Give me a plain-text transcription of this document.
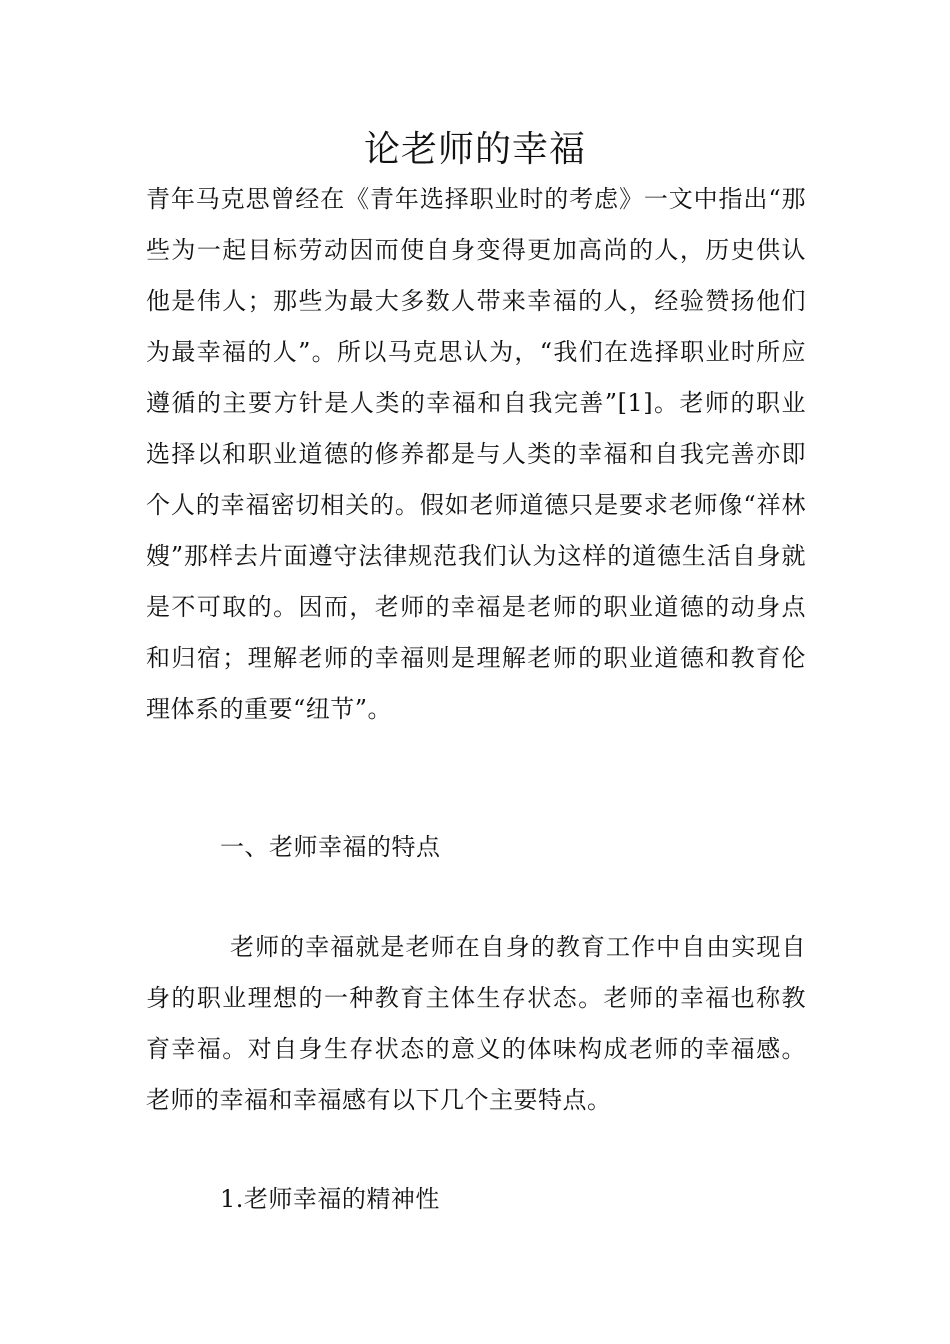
论老师的幸福

青年马克思曾经在《青年选择职业时的考虑》一文中指出“那些为一起目标劳动因而使自身变得更加高尚的人，历史供认他是伟人；那些为最大多数人带来幸福的人，经验赞扬他们为最幸福的人”。所以马克思认为，“我们在选择职业时所应遵循的主要方针是人类的幸福和自我完善”[1]。老师的职业选择以和职业道德的修养都是与人类的幸福和自我完善亦即个人的幸福密切相关的。假如老师道德只是要求老师像“祥林嫂”那样去片面遵守法律规范我们认为这样的道德生活自身就是不可取的。因而，老师的幸福是老师的职业道德的动身点和归宿；理解老师的幸福则是理解老师的职业道德和教育伦理体系的重要“纽节”。

一、老师幸福的特点

老师的幸福就是老师在自身的教育工作中自由实现自身的职业理想的一种教育主体生存状态。老师的幸福也称教育幸福。对自身生存状态的意义的体味构成老师的幸福感。老师的幸福和幸福感有以下几个主要特点。

1.老师幸福的精神性
